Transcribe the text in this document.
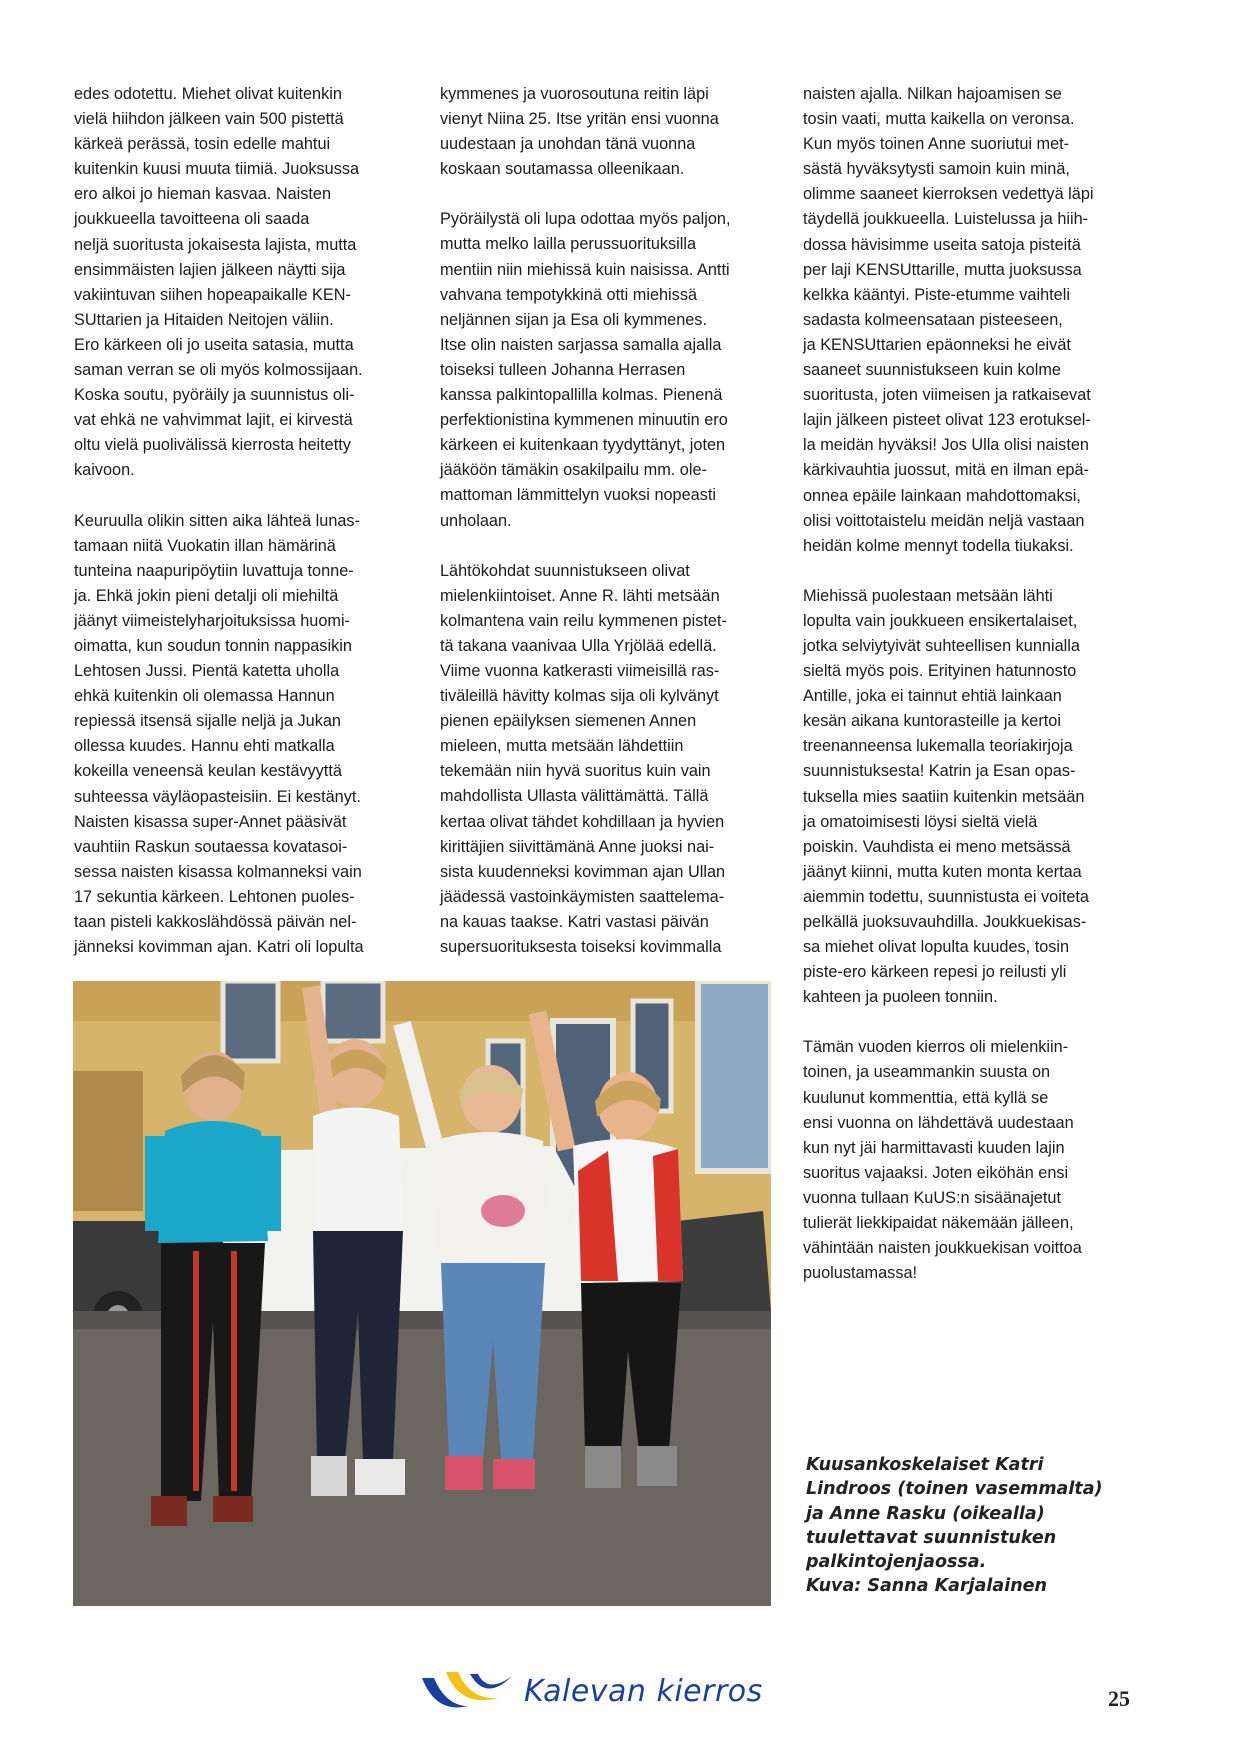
edes odotettu. Miehet olivat kuitenkin
vielä hiihdon jälkeen vain 500 pistettä
kärkeä perässä, tosin edelle mahtui
kuitenkin kuusi muuta tiimiä. Juoksussa
ero alkoi jo hieman kasvaa. Naisten
joukkueella tavoitteena oli saada
neljä suoritusta jokaisesta lajista, mutta
ensimmäisten lajien jälkeen näytti sija
vakiintuvan siihen hopeapaikalle KEN-
SUttarien ja Hitaiden Neitojen väliin.
Ero kärkeen oli jo useita satasia, mutta
saman verran se oli myös kolmossijaan.
Koska soutu, pyöräily ja suunnistus oli-
vat ehkä ne vahvimmat lajit, ei kirvestä
oltu vielä puolivälissä kierrosta heitetty
kaivoon.

Keuruulla olikin sitten aika lähteä lunas-
tamaan niitä Vuokatin illan hämärinä
tunteina naapuripöytiin luvattuja tonne-
ja. Ehkä jokin pieni detalji oli miehiltä
jäänyt viimeistelyharjoituksissa huomi-
oimatta, kun soudun tonnin nappasikin
Lehtosen Jussi. Pientä katetta uholla
ehkä kuitenkin oli olemassa Hannun
repiessä itsensä sijalle neljä ja Jukan
ollessa kuudes. Hannu ehti matkalla
kokeilla veneensä keulan kestävyyttä
suhteessa väyläopasteisiin. Ei kestänyt.
Naisten kisassa super-Annet pääsivät
vauhtiin Raskun soutaessa kovatasoi-
sessa naisten kisassa kolmanneksi vain
17 sekuntia kärkeen. Lehtonen puoles-
taan pisteli kakkoslähdössä päivän nel-
jänneksi kovimman ajan. Katri oli lopulta

kymmenes ja vuorosoutuna reitin läpi
vienyt Niina 25. Itse yritän ensi vuonna
uudestaan ja unohdan tänä vuonna
koskaan soutamassa olleenikaan.

Pyöräilystä oli lupa odottaa myös paljon,
mutta melko lailla perussuorituksilla
mentiin niin miehissä kuin naisissa. Antti
vahvana tempotykkinä otti miehissä
neljännen sijan ja Esa oli kymmenes.
Itse olin naisten sarjassa samalla ajalla
toiseksi tulleen Johanna Herrasen
kanssa palkintopallilla kolmas. Pienenä
perfektionistina kymmenen minuutin ero
kärkeen ei kuitenkaan tyydyttänyt, joten
jääköön tämäkin osakilpailu mm. ole-
mattoman lämmittelyn vuoksi nopeasti
unholaan.

Lähtökohdat suunnistukseen olivat
mielenkiintoiset. Anne R. lähti metsään
kolmantena vain reilu kymmenen pistet-
tä takana vaanivaa Ulla Yrjölää edellä.
Viime vuonna katkerasti viimeisillä ras-
tiväleillä hävitty kolmas sija oli kylvänyt
pienen epäilyksen siemenen Annen
mieleen, mutta metsään lähdettiin
tekemään niin hyvä suoritus kuin vain
mahdollista Ullasta välittämättä. Tällä
kertaa olivat tähdet kohdillaan ja hyvien
kirittäjien siivittämänä Anne juoksi nai-
sista kuudenneksi kovimman ajan Ullan
jäädessä vastoinkäymisten saattelema-
na kauas taakse. Katri vastasi päivän
supersuorituksesta toiseksi kovimmalla

naisten ajalla. Nilkan hajoamisen se
tosin vaati, mutta kaikella on veronsa.
Kun myös toinen Anne suoriutui met-
sästä hyväksytysti samoin kuin minä,
olimme saaneet kierroksen vedettyä läpi
täydellä joukkueella. Luistelussa ja hiih-
dossa hävisimme useita satoja pisteitä
per laji KENSUttarille, mutta juoksussa
kelkka kääntyi. Piste-etumme vaihteli
sadasta kolmeensataan pisteeseen,
ja KENSUttarien epäonneksi he eivät
saaneet suunnistukseen kuin kolme
suoritusta, joten viimeisen ja ratkaisevat
lajin jälkeen pisteet olivat 123 erotuksel-
la meidän hyväksi! Jos Ulla olisi naisten
kärkivauhtia juossut, mitä en ilman epä-
onnea epäile lainkaan mahdottomaksi,
olisi voittotaistelu meidän neljä vastaan
heidän kolme mennyt todella tiukaksi.

Miehissä puolestaan metsään lähti
lopulta vain joukkueen ensikertalaiset,
jotka selviytyivät suhteellisen kunnialla
sieltä myös pois. Erityinen hatunnosto
Antille, joka ei tainnut ehtiä lainkaan
kesän aikana kuntorasteille ja kertoi
treenanneensa lukemalla teoriakirjoja
suunnistuksesta! Katrin ja Esan opas-
tuksella mies saatiin kuitenkin metsään
ja omatoimisesti löysi sieltä vielä
poiskin. Vauhdista ei meno metsässä
jäänyt kiinni, mutta kuten monta kertaa
aiemmin todettu, suunnistusta ei voiteta
pelkällä juoksuvauhdilla. Joukkuekisas-
sa miehet olivat lopulta kuudes, tosin
piste-ero kärkeen repesi jo reilusti yli
kahteen ja puoleen tonniin.

Tämän vuoden kierros oli mielenkiin-
toinen, ja useammankin suusta on
kuulunut kommenttia, että kyllä se
ensi vuonna on lähdettävä uudestaan
kun nyt jäi harmittavasti kuuden lajin
suoritus vajaaksi. Joten eiköhän ensi
vuonna tullaan KuUS:n sisäänajetut
tulierät liekkipaidat näkemään jälleen,
vähintään naisten joukkuekisan voittoa
puolustamassa!

Kuusankoskelaiset Katri
Lindroos (toinen vasemmalta)
ja Anne Rasku (oikealla)
tuulettavat suunnistuken
palkintojenjaossa.
Kuva: Sanna Karjalainen
Kalevan kierros	25
